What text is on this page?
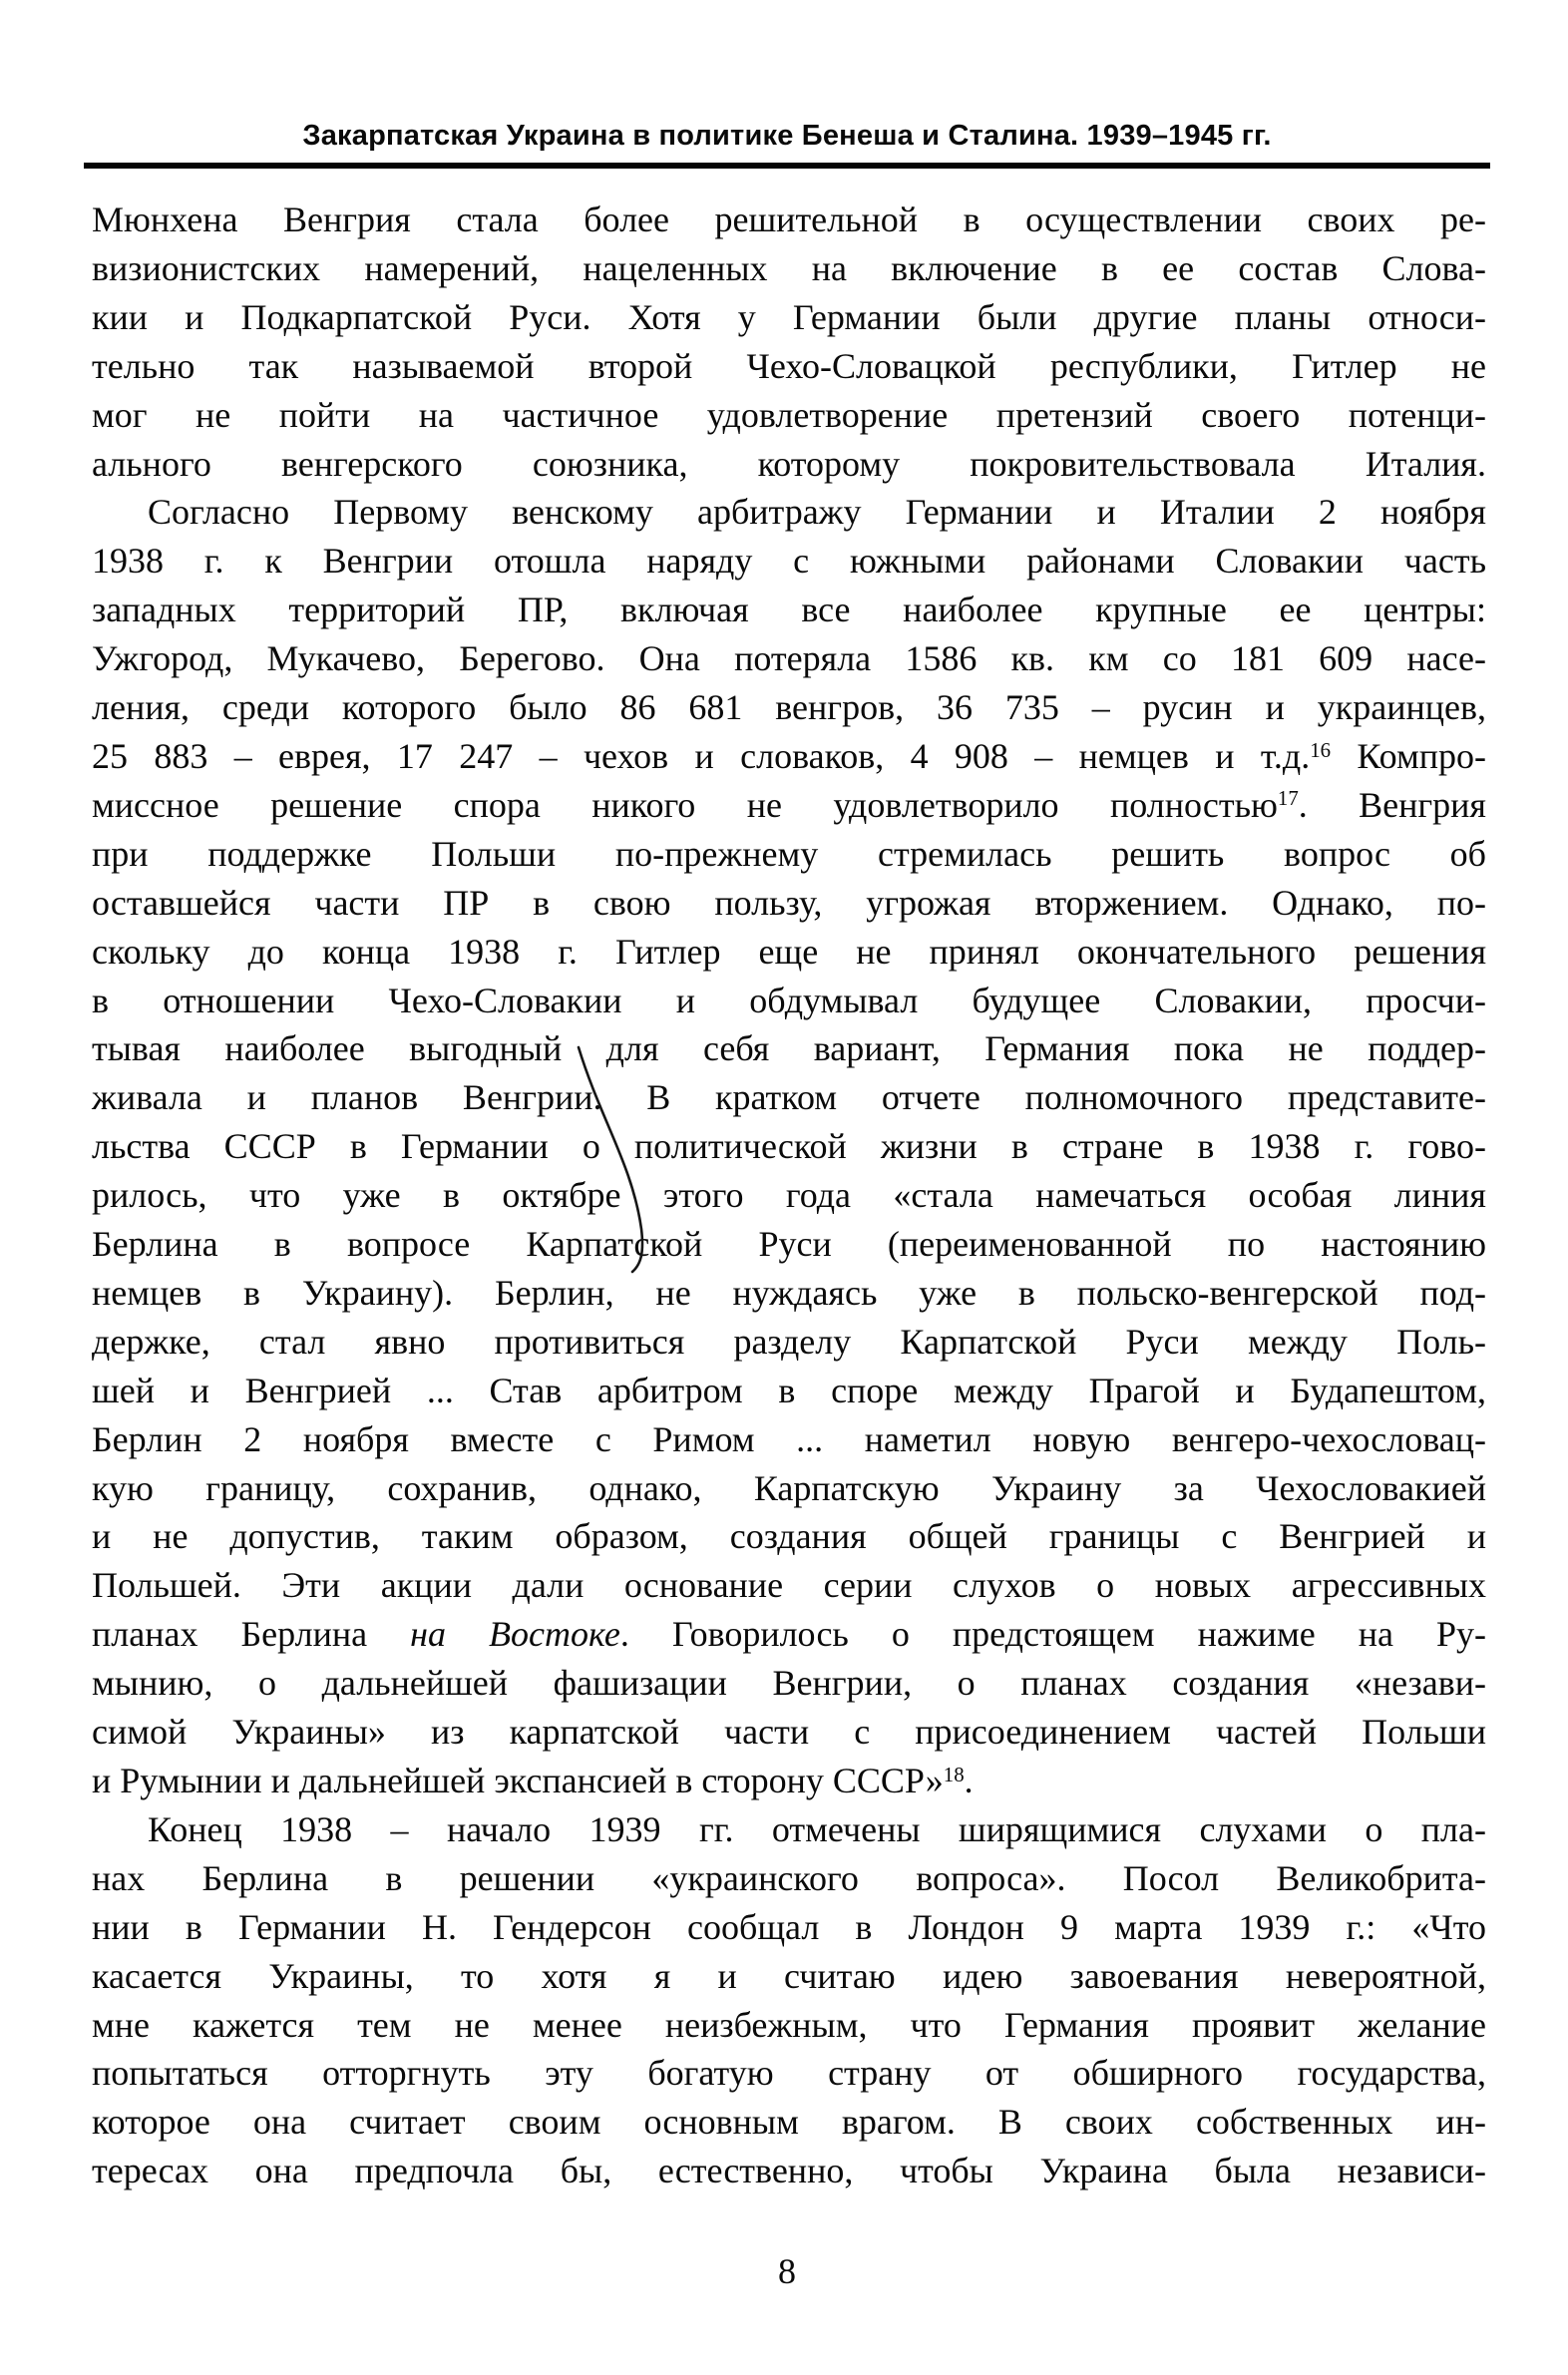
Закарпатская Украина в политике Бенеша и Сталина. 1939–1945 гг.
Мюнхена Венгрия стала более решительной в осуществлении своих ре-
визионистских намерений, нацеленных на включение в ее состав Слова-
кии и Подкарпатской Руси. Хотя у Германии были другие планы относи-
тельно так называемой второй Чехо-Словацкой республики, Гитлер не
мог не пойти на частичное удовлетворение претензий своего потенци-
ального венгерского союзника, которому покровительствовала Италия.
Согласно Первому венскому арбитражу Германии и Италии 2 ноября
1938 г. к Венгрии отошла наряду с южными районами Словакии часть
западных территорий ПР, включая все наиболее крупные ее центры:
Ужгород, Мукачево, Берегово. Она потеряла 1586 кв. км со 181 609 насе-
ления, среди которого было 86 681 венгров, 36 735 – русин и украинцев,
25 883 – еврея, 17 247 – чехов и словаков, 4 908 – немцев и т.д.$^{16}$ Компро-
миссное решение спора никого не удовлетворило полностью$^{17}$. Венгрия
при поддержке Польши по-прежнему стремилась решить вопрос об
оставшейся части ПР в свою пользу, угрожая вторжением. Однако, по-
скольку до конца 1938 г. Гитлер еще не принял окончательного решения
в отношении Чехо-Словакии и обдумывал будущее Словакии, просчи-
тывая наиболее выгодный для себя вариант, Германия пока не поддер-
живала и планов Венгрии. В кратком отчете полномочного представите-
льства СССР в Германии о политической жизни в стране в 1938 г. гово-
рилось, что уже в октябре этого года «стала намечаться особая линия
Берлина в вопросе Карпатской Руси (переименованной по настоянию
немцев в Украину). Берлин, не нуждаясь уже в польско-венгерской под-
держке, стал явно противиться разделу Карпатской Руси между Поль-
шей и Венгрией ... Став арбитром в споре между Прагой и Будапештом,
Берлин 2 ноября вместе с Римом ... наметил новую венгеро-чехословац-
кую границу, сохранив, однако, Карпатскую Украину за Чехословакией
и не допустив, таким образом, создания общей границы с Венгрией и
Польшей. Эти акции дали основание серии слухов о новых агрессивных
планах Берлина на Востоке. Говорилось о предстоящем нажиме на Ру-
мынию, о дальнейшей фашизации Венгрии, о планах создания «незави-
симой Украины» из карпатской части с присоединением частей Польши
и Румынии и дальнейшей экспансией в сторону СССР»$^{18}$.
Конец 1938 – начало 1939 гг. отмечены ширящимися слухами о пла-
нах Берлина в решении «украинского вопроса». Посол Великобрита-
нии в Германии Н. Гендерсон сообщал в Лондон 9 марта 1939 г.: «Что
касается Украины, то хотя я и считаю идею завоевания невероятной,
мне кажется тем не менее неизбежным, что Германия проявит желание
попытаться отторгнуть эту богатую страну от обширного государства,
которое она считает своим основным врагом. В своих собственных ин-
тересах она предпочла бы, естественно, чтобы Украина была независи-
8
